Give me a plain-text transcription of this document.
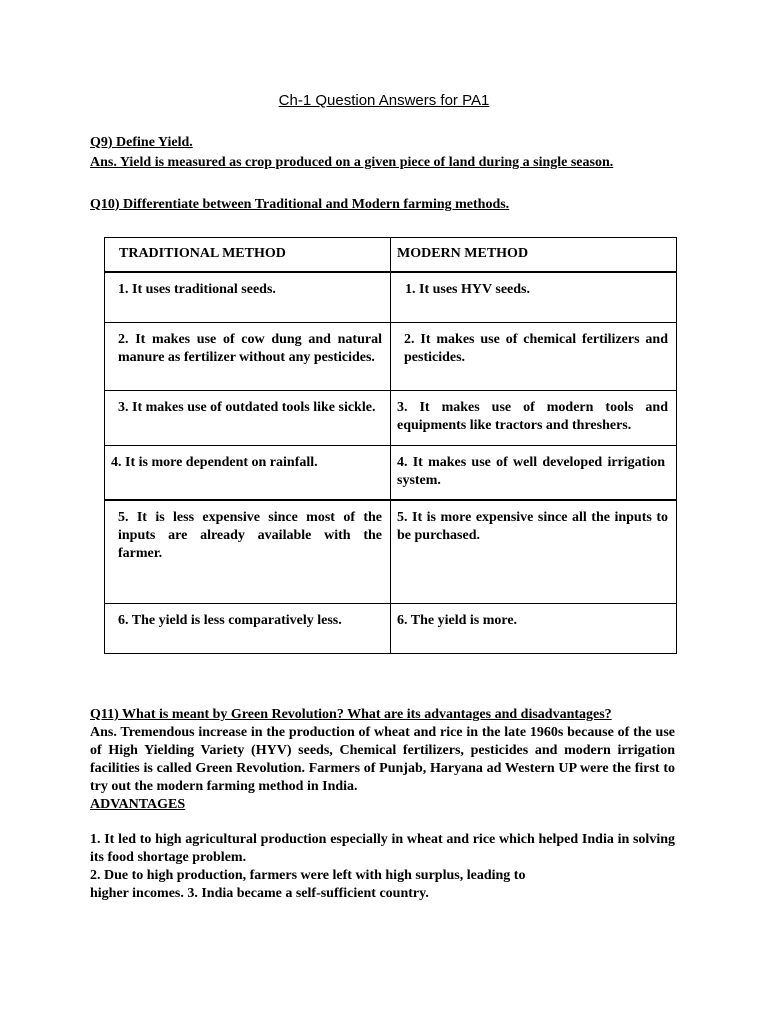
Ch-1 Question Answers for PA1
Q9) Define Yield.
Ans. Yield is measured as crop produced on a given piece of land during a single season.
Q10) Differentiate between Traditional and Modern farming methods.
TRADITIONAL METHOD	MODERN METHOD

1. It uses traditional seeds.	1. It uses HYV seeds.

2. It makes use of cow dung and natural manure as fertilizer without any pesticides.	2. It makes use of chemical fertilizers and pesticides.

3. It makes use of outdated tools like sickle.	3. It makes use of modern tools and equipments like tractors and threshers.

4. It is more dependent on rainfall.	4. It makes use of well developed irrigation system.

5. It is less expensive since most of the inputs are already available with the farmer.	5. It is more expensive since all the inputs to be purchased.

6. The yield is less comparatively less.	6. The yield is more.

Q11) What is meant by Green Revolution? What are its advantages and disadvantages?

Ans. Tremendous increase in the production of wheat and rice in the late 1960s because of the use of High Yielding Variety (HYV) seeds, Chemical fertilizers, pesticides and modern irrigation facilities is called Green Revolution. Farmers of Punjab, Haryana ad Western UP were the first to try out the modern farming method in India.

ADVANTAGES

1. It led to high agricultural production especially in wheat and rice which helped India in solving its food shortage problem.

2. Due to high production, farmers were left with high surplus, leading to

higher incomes. 3. India became a self-sufficient country.
